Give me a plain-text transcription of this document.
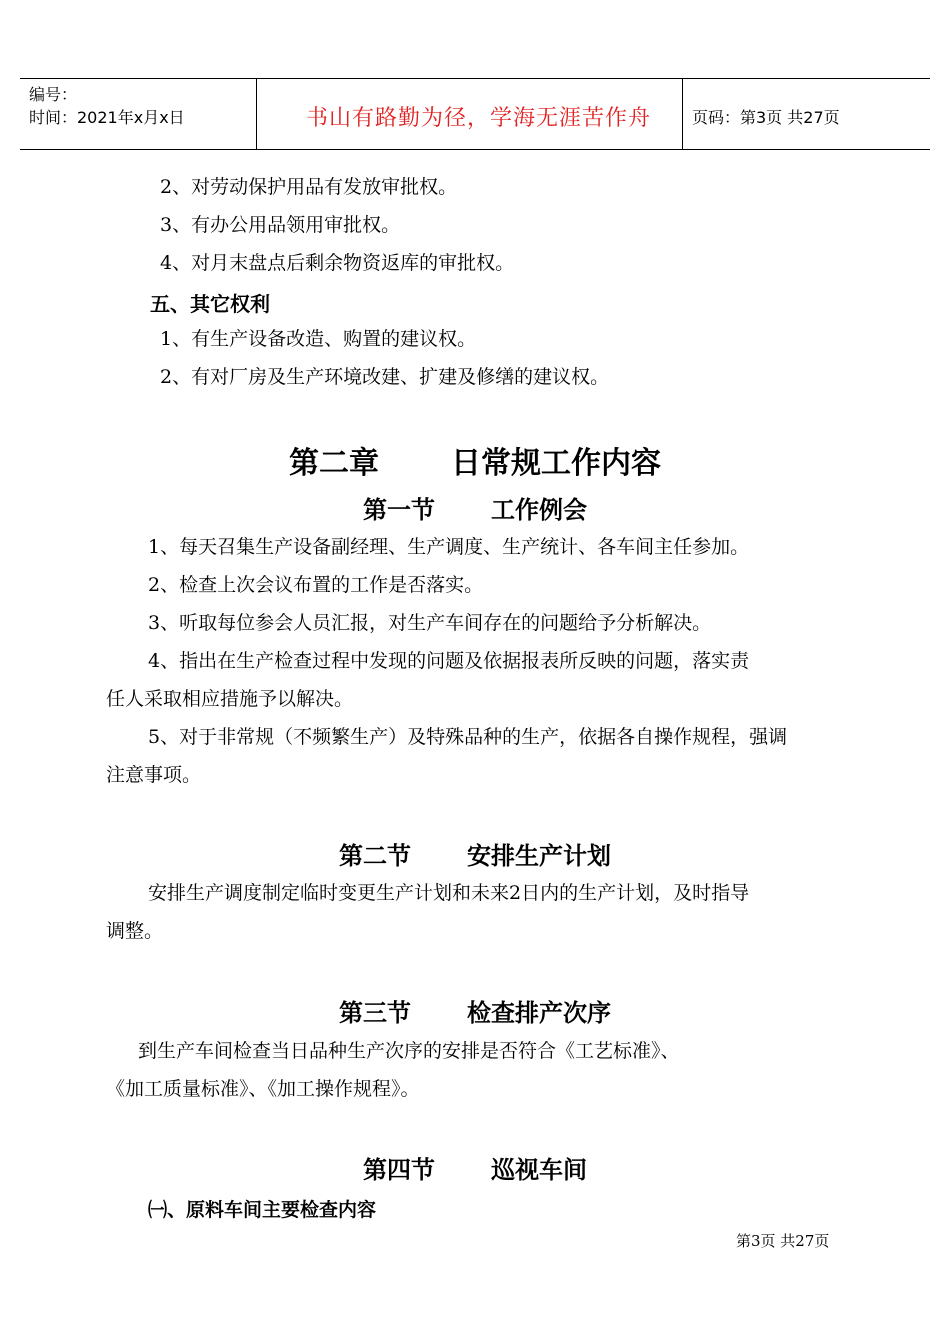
编号：
时间：2021年x月x日	书山有路勤为径，学海无涯苦作舟	页码：第3页 共27页
2、对劳动保护用品有发放审批权。
3、有办公用品领用审批权。
4、对月末盘点后剩余物资返库的审批权。
五、其它权利
1、有生产设备改造、购置的建议权。
2、有对厂房及生产环境改建、扩建及修缮的建议权。
第二章 日常规工作内容
第一节 工作例会
1、每天召集生产设备副经理、生产调度、生产统计、各车间主任参加。
2、检查上次会议布置的工作是否落实。
3、听取每位参会人员汇报，对生产车间存在的问题给予分析解决。
4、指出在生产检查过程中发现的问题及依据报表所反映的问题，落实责
任人采取相应措施予以解决。
5、对于非常规（不频繁生产）及特殊品种的生产，依据各自操作规程，强调
注意事项。
第二节 安排生产计划
安排生产调度制定临时变更生产计划和未来2日内的生产计划，及时指导
调整。
第三节 检查排产次序
到生产车间检查当日品种生产次序的安排是否符合《工艺标准》、
《加工质量标准》、《加工操作规程》。
第四节 巡视车间
㈠、原料车间主要检查内容
第3页 共27页
